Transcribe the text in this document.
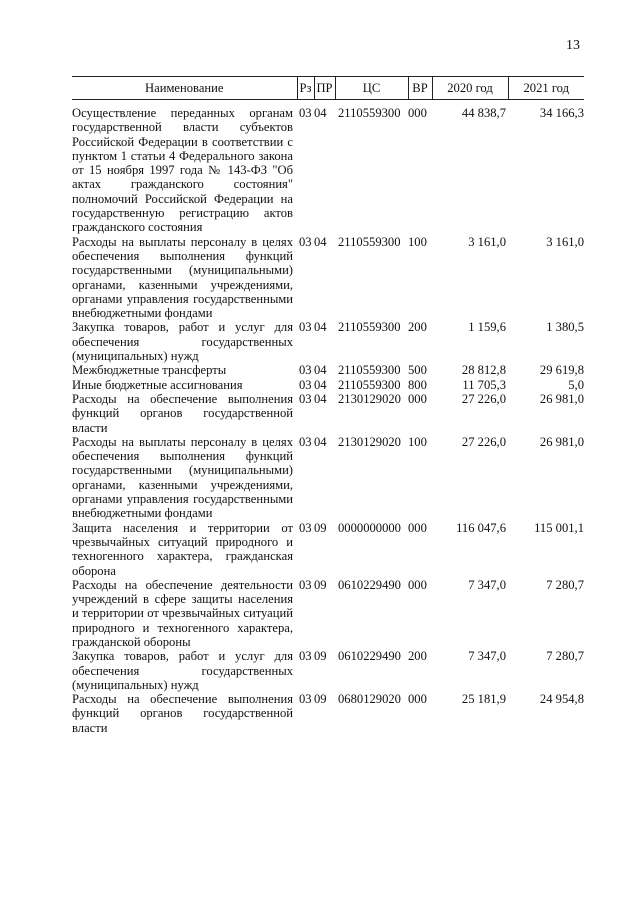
13
Наименование	Рз	ПР	ЦС	ВР	2020 год	2021 год
Осуществление переданных органам государственной власти субъектов Российской Федерации в соответствии с пунктом 1 статьи 4 Федерального закона от 15 ноября 1997 года № 143-ФЗ "Об актах гражданского состояния" полномочий Российской Федерации на государственную регистрацию актов гражданского состояния	03	04	2110559300	000	44 838,7	34 166,3
Расходы на выплаты персоналу в целях обеспечения выполнения функций государственными (муниципальными) органами, казенными учреждениями, органами управления государственными внебюджетными фондами	03	04	2110559300	100	3 161,0	3 161,0
Закупка товаров, работ и услуг для обеспечения государственных (муниципальных) нужд	03	04	2110559300	200	1 159,6	1 380,5
Межбюджетные трансферты	03	04	2110559300	500	28 812,8	29 619,8
Иные бюджетные ассигнования	03	04	2110559300	800	11 705,3	5,0
Расходы на обеспечение выполнения функций органов государственной власти	03	04	2130129020	000	27 226,0	26 981,0
Расходы на выплаты персоналу в целях обеспечения выполнения функций государственными (муниципальными) органами, казенными учреждениями, органами управления государственными внебюджетными фондами	03	04	2130129020	100	27 226,0	26 981,0
Защита населения и территории от чрезвычайных ситуаций природного и техногенного характера, гражданская оборона	03	09	0000000000	000	116 047,6	115 001,1
Расходы на обеспечение деятельности учреждений в сфере защиты населения и территории от чрезвычайных ситуаций природного и техногенного характера, гражданской обороны	03	09	0610229490	000	7 347,0	7 280,7
Закупка товаров, работ и услуг для обеспечения государственных (муниципальных) нужд	03	09	0610229490	200	7 347,0	7 280,7
Расходы на обеспечение выполнения функций органов государственной власти	03	09	0680129020	000	25 181,9	24 954,8
